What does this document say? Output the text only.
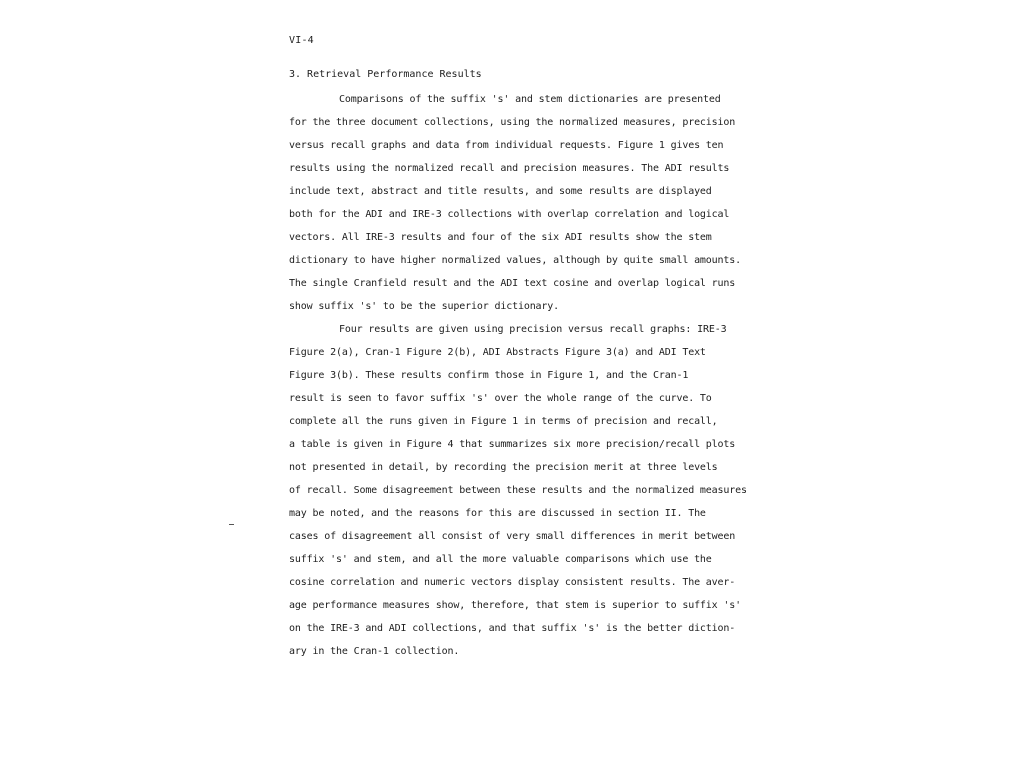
VI-4
3. Retrieval Performance Results
Comparisons of the suffix 's' and stem dictionaries are presented
for the three document collections, using the normalized measures, precision
versus recall graphs and data from individual requests. Figure 1 gives ten
results using the normalized recall and precision measures. The ADI results
include text, abstract and title results, and some results are displayed
both for the ADI and IRE-3 collections with overlap correlation and logical
vectors. All IRE-3 results and four of the six ADI results show the stem
dictionary to have higher normalized values, although by quite small amounts.
The single Cranfield result and the ADI text cosine and overlap logical runs
show suffix 's' to be the superior dictionary.
Four results are given using precision versus recall graphs: IRE-3
Figure 2(a), Cran-1 Figure 2(b), ADI Abstracts Figure 3(a) and ADI Text
Figure 3(b). These results confirm those in Figure 1, and the Cran-1
result is seen to favor suffix 's' over the whole range of the curve. To
complete all the runs given in Figure 1 in terms of precision and recall,
a table is given in Figure 4 that summarizes six more precision/recall plots
not presented in detail, by recording the precision merit at three levels
of recall. Some disagreement between these results and the normalized measures
may be noted, and the reasons for this are discussed in section II. The
cases of disagreement all consist of very small differences in merit between
suffix 's' and stem, and all the more valuable comparisons which use the
cosine correlation and numeric vectors display consistent results. The aver-
age performance measures show, therefore, that stem is superior to suffix 's'
on the IRE-3 and ADI collections, and that suffix 's' is the better diction-
ary in the Cran-1 collection.
